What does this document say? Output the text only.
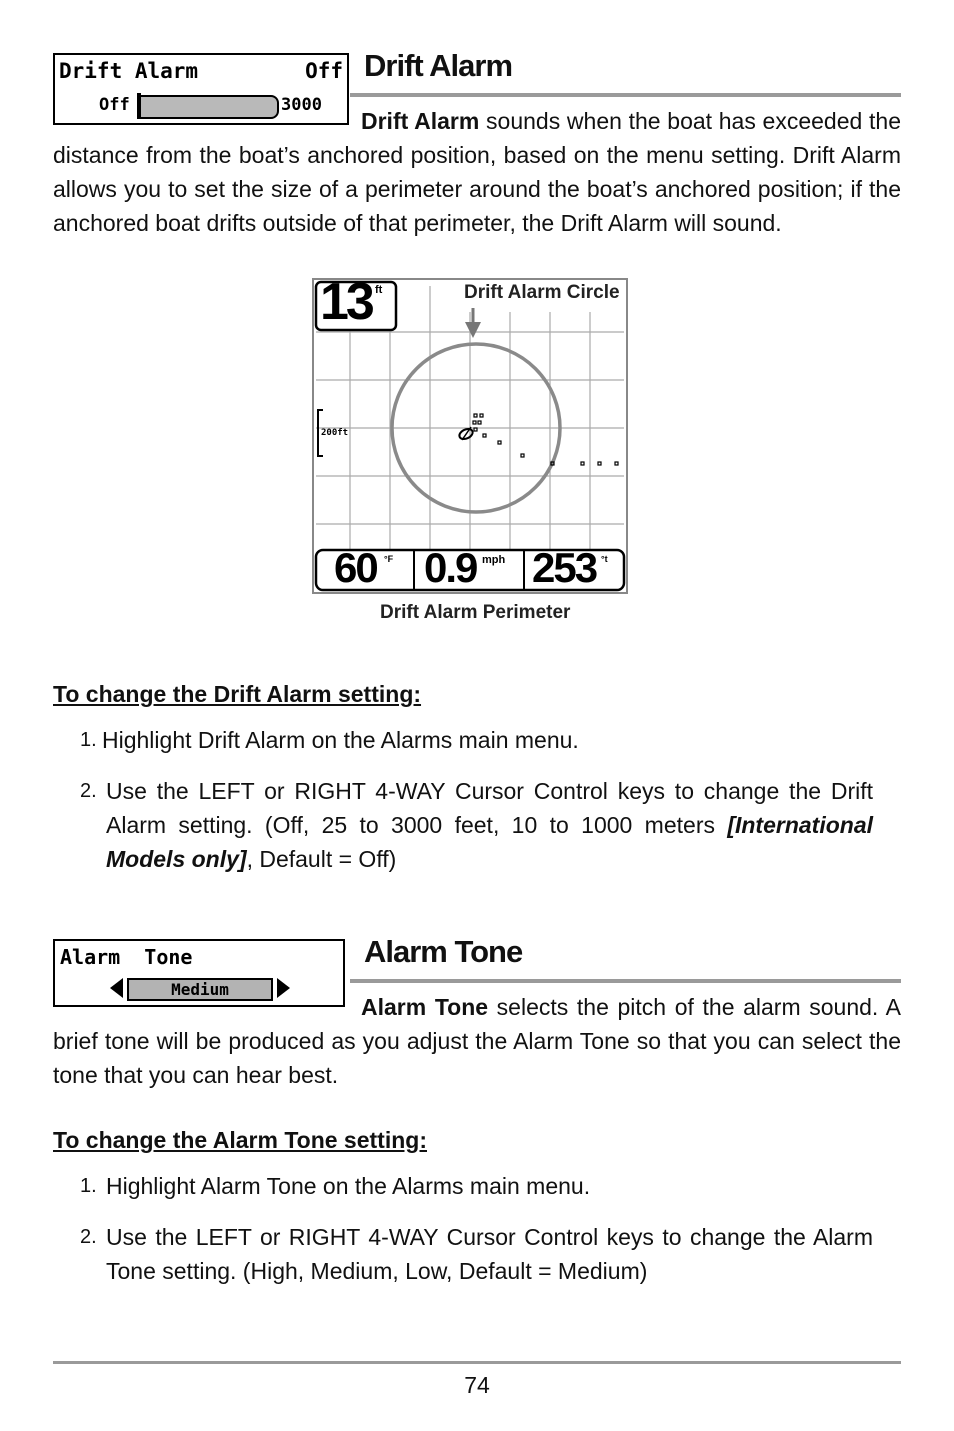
Drift Alarm	Off
Off	3000
Drift Alarm
Drift Alarm sounds when the boat has exceeded the distance from the boat’s anchored position, based on the menu setting. Drift Alarm allows you to set the size of a perimeter around the boat’s anchored position; if the anchored boat drifts outside of that perimeter, the Drift Alarm will sound.
13 ft	Drift Alarm Circle
200ft
60 °F 0.9 mph 253 °t
Drift Alarm Perimeter
To change the Drift Alarm setting:
1. Highlight Drift Alarm on the Alarms main menu.
2. Use the LEFT or RIGHT 4-WAY Cursor Control keys to change the Drift Alarm setting. (Off, 25 to 3000 feet, 10 to 1000 meters [International Models only], Default = Off)
Alarm  Tone
Medium
Alarm Tone
Alarm Tone selects the pitch of the alarm sound. A brief tone will be produced as you adjust the Alarm Tone so that you can select the tone that you can hear best.
To change the Alarm Tone setting:
1. Highlight Alarm Tone on the Alarms main menu.
2. Use the LEFT or RIGHT 4-WAY Cursor Control keys to change the Alarm Tone setting. (High, Medium, Low, Default = Medium)
74
